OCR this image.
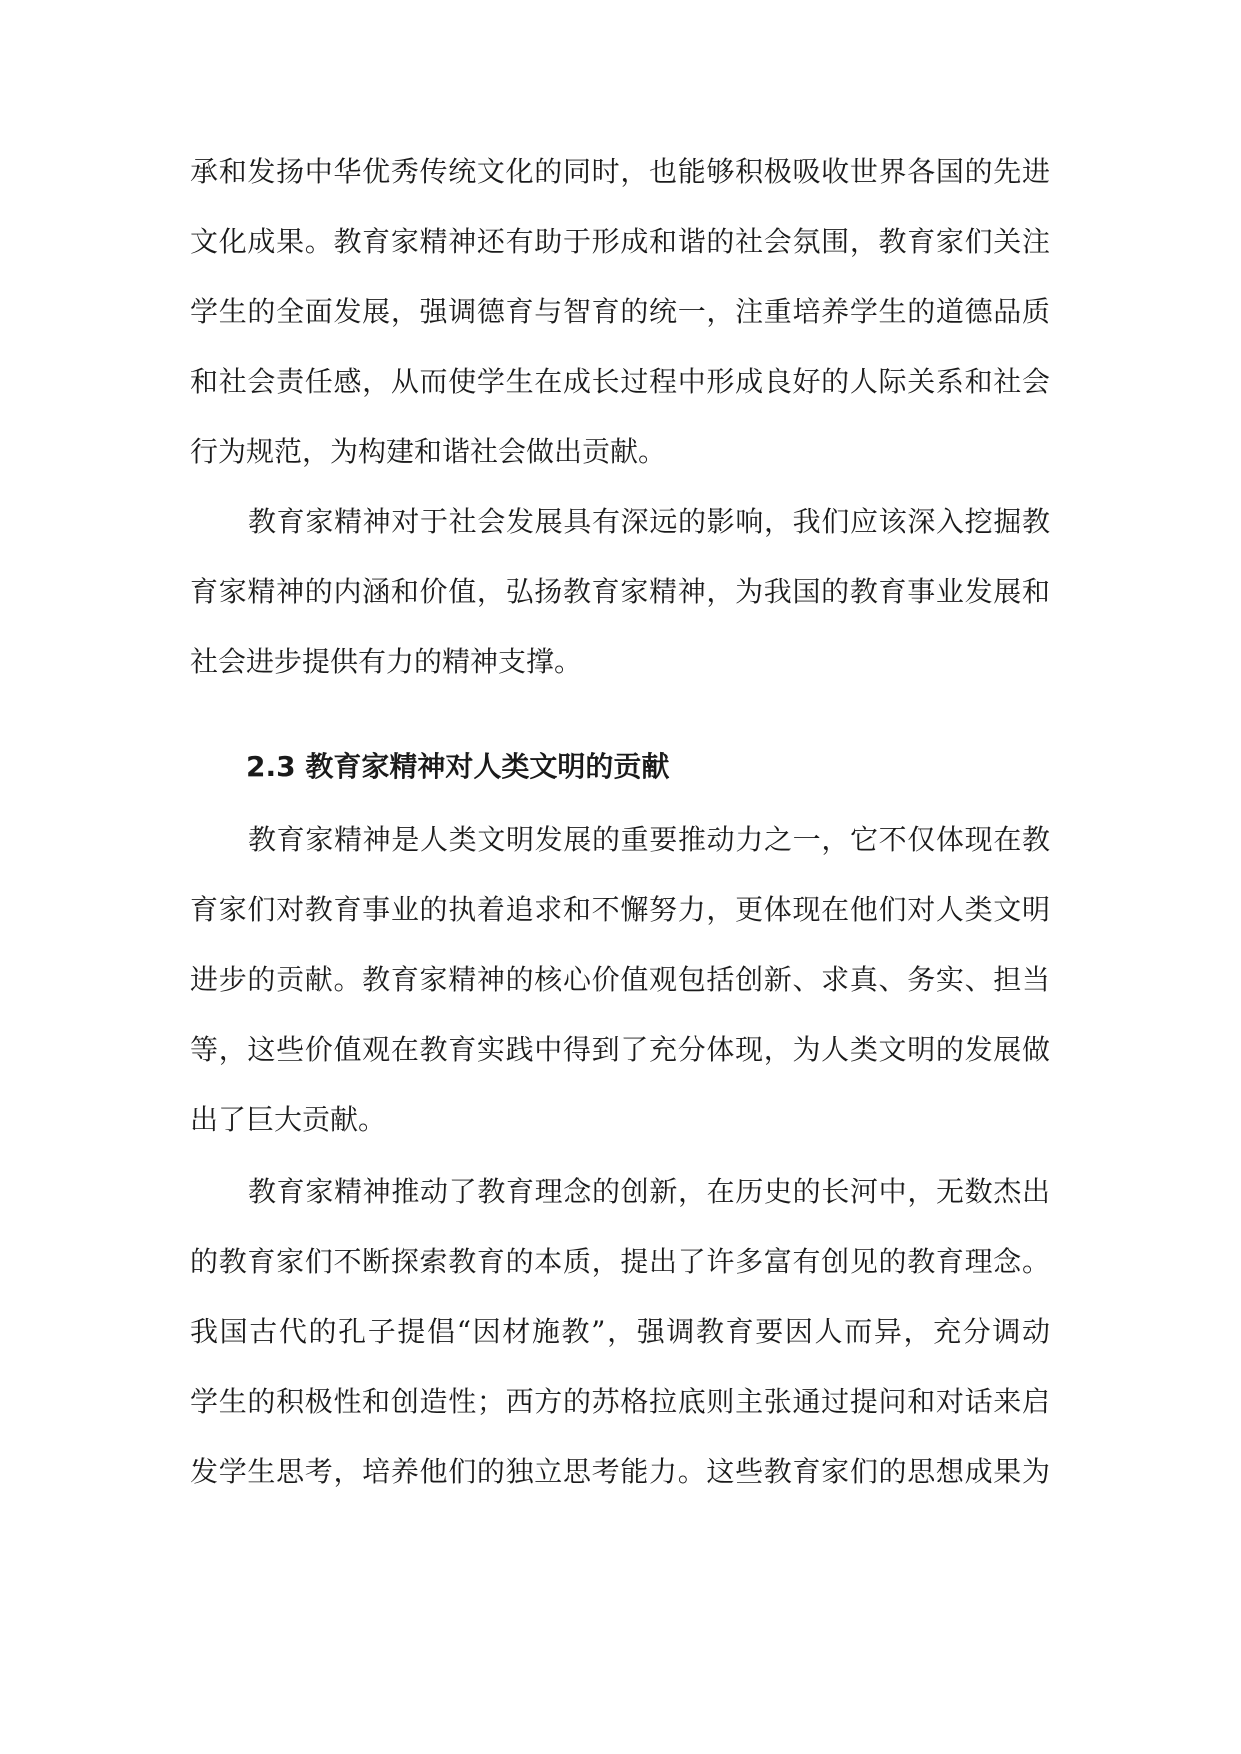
承和发扬中华优秀传统文化的同时，也能够积极吸收世界各国的先进
文化成果。教育家精神还有助于形成和谐的社会氛围，教育家们关注
学生的全面发展，强调德育与智育的统一，注重培养学生的道德品质
和社会责任感，从而使学生在成长过程中形成良好的人际关系和社会
行为规范，为构建和谐社会做出贡献。
教育家精神对于社会发展具有深远的影响，我们应该深入挖掘教
育家精神的内涵和价值，弘扬教育家精神，为我国的教育事业发展和
社会进步提供有力的精神支撑。
2.3 教育家精神对人类文明的贡献
教育家精神是人类文明发展的重要推动力之一，它不仅体现在教
育家们对教育事业的执着追求和不懈努力，更体现在他们对人类文明
进步的贡献。教育家精神的核心价值观包括创新、求真、务实、担当
等，这些价值观在教育实践中得到了充分体现，为人类文明的发展做
出了巨大贡献。
教育家精神推动了教育理念的创新，在历史的长河中，无数杰出
的教育家们不断探索教育的本质，提出了许多富有创见的教育理念。
我国古代的孔子提倡“因材施教”，强调教育要因人而异，充分调动
学生的积极性和创造性；西方的苏格拉底则主张通过提问和对话来启
发学生思考，培养他们的独立思考能力。这些教育家们的思想成果为
